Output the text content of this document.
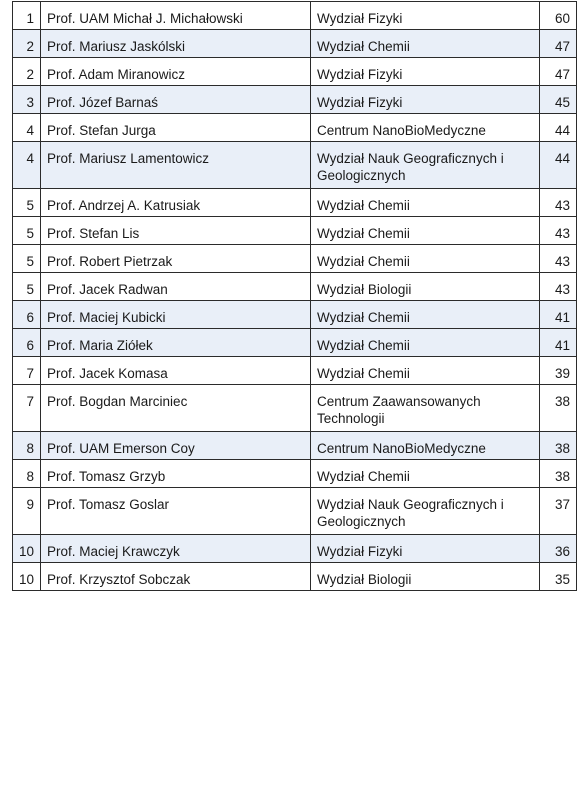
1	Prof. UAM Michał J. Michałowski	Wydział Fizyki	60
2	Prof. Mariusz Jaskólski	Wydział Chemii	47
2	Prof. Adam Miranowicz	Wydział Fizyki	47
3	Prof. Józef Barnaś	Wydział Fizyki	45
4	Prof. Stefan Jurga	Centrum NanoBioMedyczne	44
4	Prof. Mariusz Lamentowicz	Wydział Nauk Geograficznych i Geologicznych	44
5	Prof. Andrzej A. Katrusiak	Wydział Chemii	43
5	Prof. Stefan Lis	Wydział Chemii	43
5	Prof. Robert Pietrzak	Wydział Chemii	43
5	Prof. Jacek Radwan	Wydział Biologii	43
6	Prof. Maciej Kubicki	Wydział Chemii	41
6	Prof. Maria Ziółek	Wydział Chemii	41
7	Prof. Jacek Komasa	Wydział Chemii	39
7	Prof. Bogdan Marciniec	Centrum Zaawansowanych Technologii	38
8	Prof. UAM Emerson Coy	Centrum NanoBioMedyczne	38
8	Prof. Tomasz Grzyb	Wydział Chemii	38
9	Prof. Tomasz Goslar	Wydział Nauk Geograficznych i Geologicznych	37
10	Prof. Maciej Krawczyk	Wydział Fizyki	36
10	Prof. Krzysztof Sobczak	Wydział Biologii	35
